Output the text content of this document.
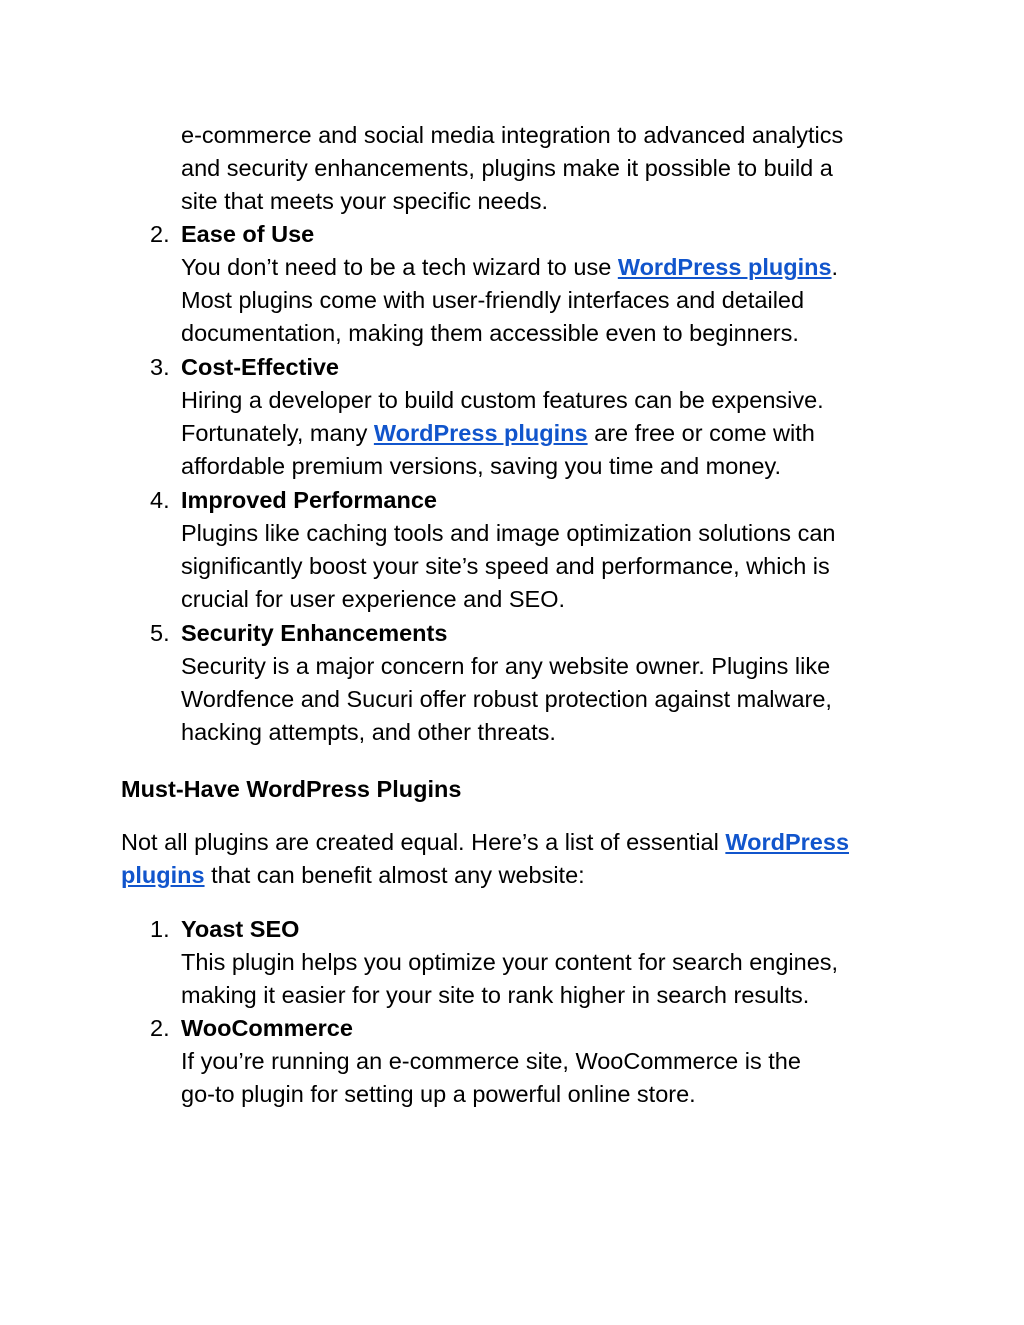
e-commerce and social media integration to advanced analytics
and security enhancements, plugins make it possible to build a
site that meets your specific needs.
2. Ease of Use
You don’t need to be a tech wizard to use WordPress plugins.
Most plugins come with user-friendly interfaces and detailed
documentation, making them accessible even to beginners.
3. Cost-Effective
Hiring a developer to build custom features can be expensive.
Fortunately, many WordPress plugins are free or come with
affordable premium versions, saving you time and money.
4. Improved Performance
Plugins like caching tools and image optimization solutions can
significantly boost your site’s speed and performance, which is
crucial for user experience and SEO.
5. Security Enhancements
Security is a major concern for any website owner. Plugins like
Wordfence and Sucuri offer robust protection against malware,
hacking attempts, and other threats.
Must-Have WordPress Plugins
Not all plugins are created equal. Here’s a list of essential WordPress
plugins that can benefit almost any website:
1. Yoast SEO
This plugin helps you optimize your content for search engines,
making it easier for your site to rank higher in search results.
2. WooCommerce
If you’re running an e-commerce site, WooCommerce is the
go-to plugin for setting up a powerful online store.
